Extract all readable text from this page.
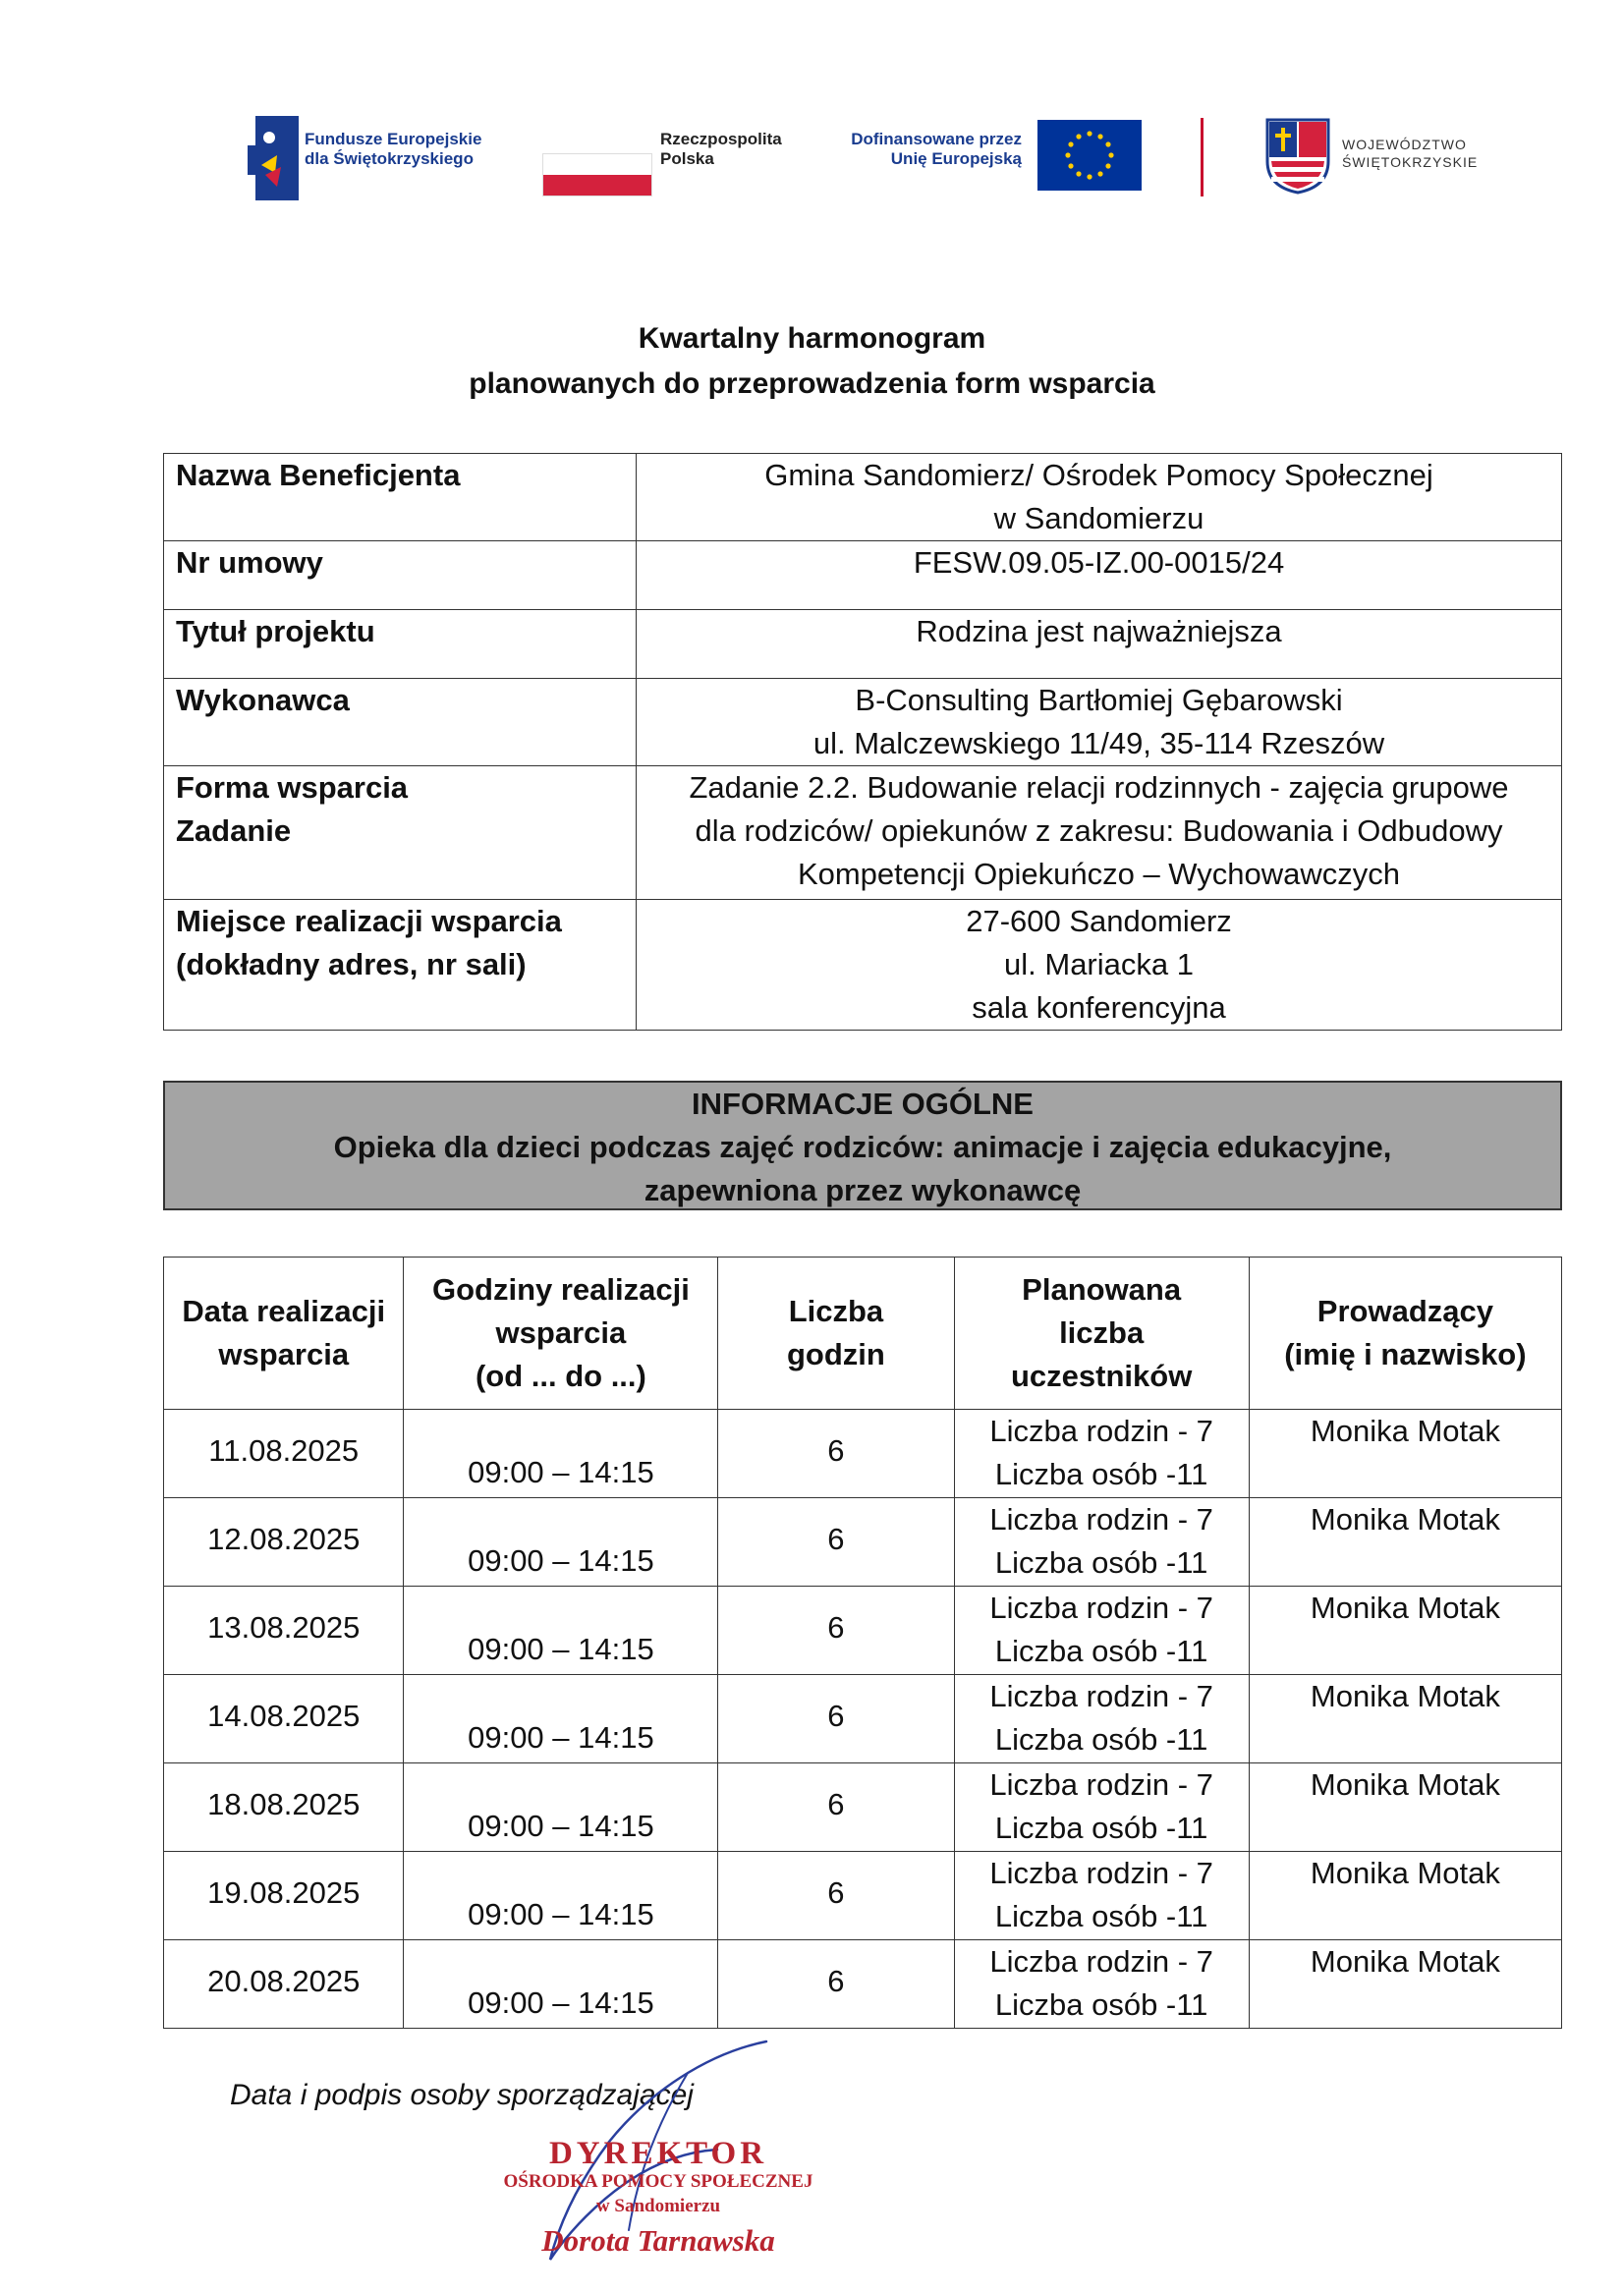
Fundusze Europejskie
dla Świętokrzyskiego
Rzeczpospolita
Polska
Dofinansowane przez
Unię Europejską
WOJEWÓDZTWO
ŚWIĘTOKRZYSKIE
Kwartalny harmonogram
planowanych do przeprowadzenia form wsparcia
Nazwa Beneficjenta	Gmina Sandomierz/ Ośrodek Pomocy Społecznej
w Sandomierzu

Nr umowy	FESW.09.05-IZ.00-0015/24

Tytuł projektu	Rodzina jest najważniejsza

Wykonawca	B-Consulting Bartłomiej Gębarowski
ul. Malczewskiego 11/49, 35-114 Rzeszów

Forma wsparcia
Zadanie	Zadanie 2.2. Budowanie relacji rodzinnych - zajęcia grupowe
dla rodziców/ opiekunów z zakresu: Budowania i Odbudowy
Kompetencji Opiekuńczo – Wychowawczych

Miejsce realizacji wsparcia
(dokładny adres, nr sali)	27-600 Sandomierz
ul. Mariacka 1
sala konferencyjna
INFORMACJE OGÓLNE
Opieka dla dzieci podczas zajęć rodziców: animacje i zajęcia edukacyjne,
zapewniona przez wykonawcę
Data realizacji
wsparcia	Godziny realizacji
wsparcia
(od ... do ...)	Liczba
godzin	Planowana
liczba
uczestników	Prowadzący
(imię i nazwisko)

11.08.2025	09:00 – 14:15	6	Liczba rodzin - 7
Liczba osób -11	Monika Motak

12.08.2025	09:00 – 14:15	6	Liczba rodzin - 7
Liczba osób -11	Monika Motak

13.08.2025	09:00 – 14:15	6	Liczba rodzin - 7
Liczba osób -11	Monika Motak

14.08.2025	09:00 – 14:15	6	Liczba rodzin - 7
Liczba osób -11	Monika Motak

18.08.2025	09:00 – 14:15	6	Liczba rodzin - 7
Liczba osób -11	Monika Motak

19.08.2025	09:00 – 14:15	6	Liczba rodzin - 7
Liczba osób -11	Monika Motak

20.08.2025	09:00 – 14:15	6	Liczba rodzin - 7
Liczba osób -11	Monika Motak
Data i podpis osoby sporządzającej
DYREKTOR
OŚRODKA POMOCY SPOŁECZNEJ
w Sandomierzu
Dorota Tarnawska
